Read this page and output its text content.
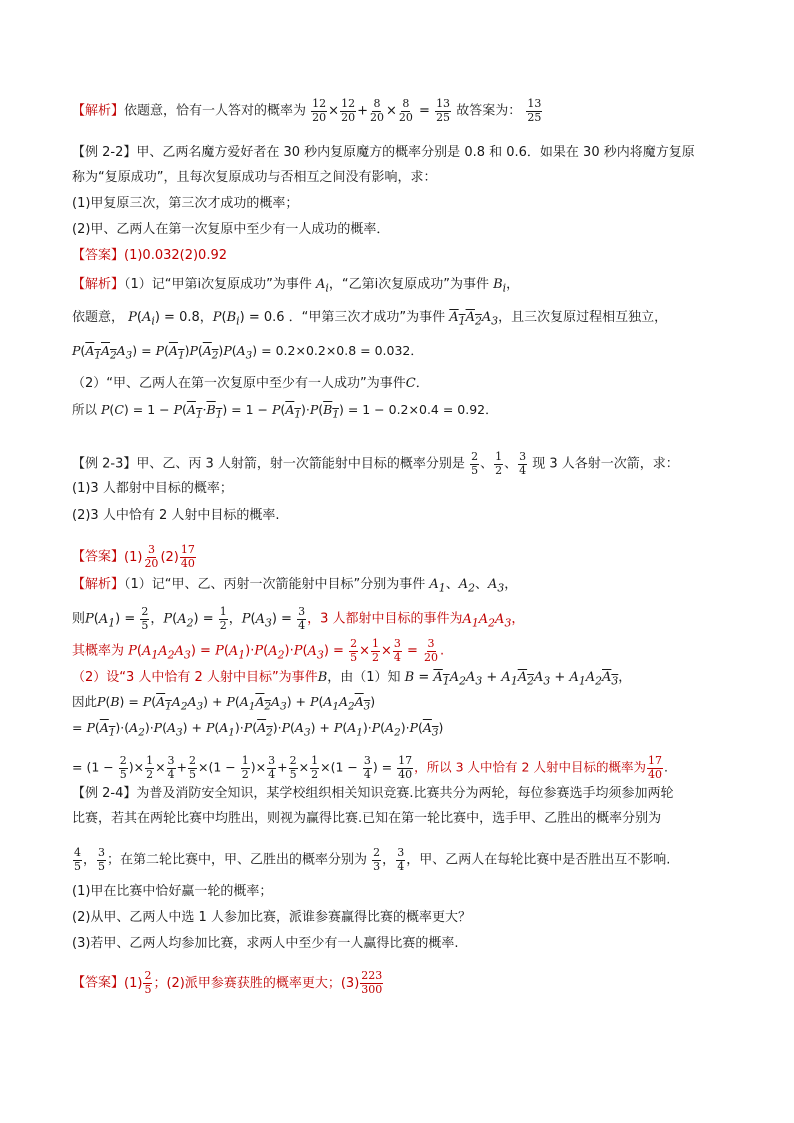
【解析】依题意，恰有一人答对的概率为 $\frac{12}{20} \times \frac{12}{20} + \frac{8}{20} \times \frac{8}{20} = \frac{13}{25}$ 故答案为： $\frac{13}{25}$
【例 2-2】甲、乙两名魔方爱好者在 30 秒内复原魔方的概率分别是 0.8 和 0.6．如果在 30 秒内将魔方复原
称为“复原成功”，且每次复原成功与否相互之间没有影响，求：
(1)甲复原三次，第三次才成功的概率；
(2)甲、乙两人在第一次复原中至少有一人成功的概率．
【答案】(1)0.032(2)0.92
【解析】（1）记“甲第i次复原成功”为事件 $A_i$，“乙第i次复原成功”为事件 $B_i$，
依题意， $P(A_i) = 0.8$，$P(B_i) = 0.6$ ．“甲第三次才成功”为事件 $A_1A_2A_3$，且三次复原过程相互独立，
$P(A_1A_2A_3) = P(A_1)P(A_2)P(A_3) = 0.2\times 0.2\times 0.8 = 0.032$．
（2）“甲、乙两人在第一次复原中至少有一人成功”为事件C．
所以 $P(C) = 1 - P(A_1\cdot B_1) = 1 - P(A_1)\cdot P(B_1) = 1 - 0.2\times 0.4 = 0.92$．
【例 2-3】甲、乙、丙 3 人射箭，射一次箭能射中目标的概率分别是 $\frac{2}{5}$ 、 $\frac{1}{2}$ 、 $\frac{3}{4}$ 现 3 人各射一次箭，求：
(1)3 人都射中目标的概率；
(2)3 人中恰有 2 人射中目标的概率.
【答案】$(1) \frac{3}{20} (2) \frac{17}{40}$
【解析】（1）记“甲、乙、丙射一次箭能射中目标”分别为事件 $A_1$、$A_2$、$A_3$，
则$P(A_1) = \frac{2}{5}$ ，$P(A_2) = \frac{1}{2}$ ，$P(A_3) = \frac{3}{4}$ ，3 人都射中目标的事件为$A_1A_2A_3$，
其概率为 $P(A_1A_2A_3) = P(A_1)\cdot P(A_2)\cdot P(A_3) = \frac{2}{5} \times \frac{1}{2} \times \frac{3}{4} = \frac{3}{20}$ .
（2）设“3 人中恰有 2 人射中目标”为事件B，由（1）知 $B = A_1A_2A_3 + A_1A_2A_3 + A_1A_2A_3$，
因此$P(B) = P(A_1A_2A_3) + P(A_1A_2A_3) + P(A_1A_2A_3)$
= $P(A_1)\cdot(A_2)\cdot P(A_3) + P(A_1)\cdot P(A_2)\cdot P(A_3) + P(A_1)\cdot P(A_2)\cdot P(A_3)$
= ($1 - \frac{2}{5}$ )× $\frac{1}{2} \times \frac{3}{4} + \frac{2}{5} \times(1 - \frac{1}{2}$ )× $\frac{3}{4} + \frac{2}{5} \times \frac{1}{2} \times(1 - \frac{3}{4}$ ) = $\frac{17}{40}$ ，所以 3 人中恰有 2 人射中目标的概率为 $\frac{17}{40}$ .
【例 2-4】为普及消防安全知识，某学校组织相关知识竞赛.比赛共分为两轮，每位参赛选手均须参加两轮
比赛，若其在两轮比赛中均胜出，则视为赢得比赛.已知在第一轮比赛中，选手甲、乙胜出的概率分别为
$\frac{4}{5}$ ， $\frac{3}{5}$ ；在第二轮比赛中，甲、乙胜出的概率分别为 $\frac{2}{3}$ ， $\frac{3}{4}$ ，甲、乙两人在每轮比赛中是否胜出互不影响.
(1)甲在比赛中恰好赢一轮的概率；
(2)从甲、乙两人中选 1 人参加比赛，派谁参赛赢得比赛的概率更大？
(3)若甲、乙两人均参加比赛，求两人中至少有一人赢得比赛的概率.
【答案】$(1) \frac{2}{5}$ ；(2)派甲参赛获胜的概率更大；$(3) \frac{223}{300}$
